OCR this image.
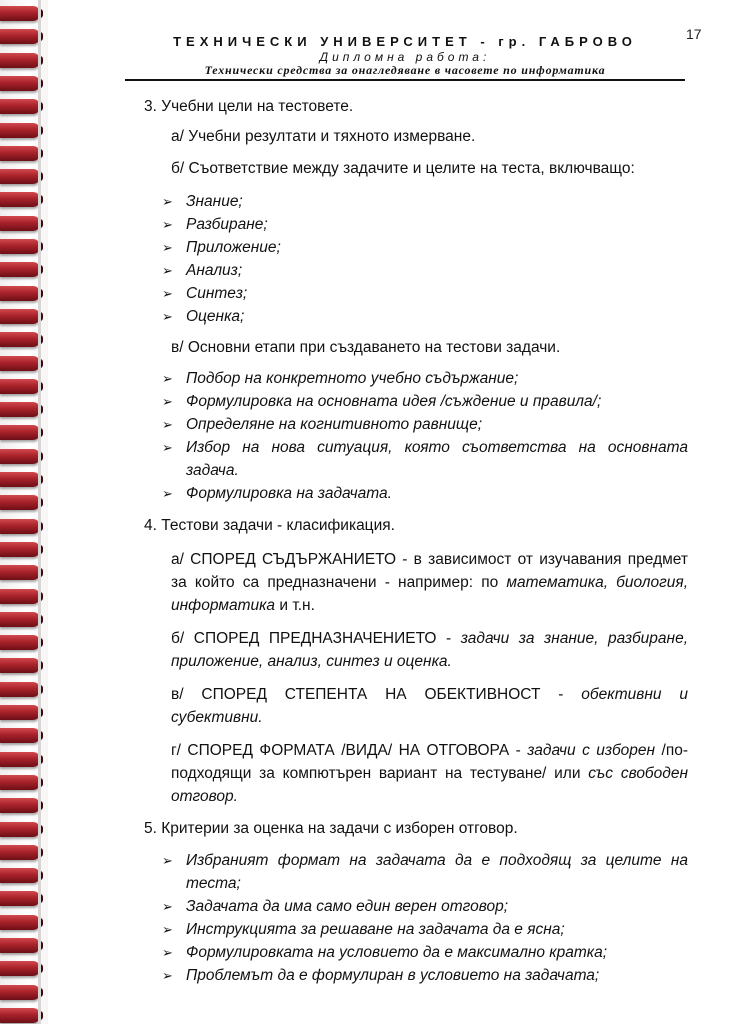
17
ТЕХНИЧЕСКИ УНИВЕРСИТЕТ - гр. ГАБРОВО
Дипломна работа:
Технически средства за онагледяване в часовете по информатика

3. Учебни цели на тестовете.

а/ Учебни резултати и тяхното измерване.

б/ Съответствие между задачите и целите на теста, включващо:

➢ Знание;
➢ Разбиране;
➢ Приложение;
➢ Анализ;
➢ Синтез;
➢ Оценка;

в/ Основни етапи при създаването на тестови задачи.

➢ Подбор на конкретното учебно съдържание;
➢ Формулировка на основната идея /съждение и правила/;
➢ Определяне на когнитивното равнище;
➢ Избор на нова ситуация, която съответства на основната задача.
➢ Формулировка на задачата.

4. Тестови задачи - класификация.

а/ СПОРЕД СЪДЪРЖАНИЕТО - в зависимост от изучавания предмет за който са предназначени - например: по математика, биология, информатика и т.н.

б/ СПОРЕД ПРЕДНАЗНАЧЕНИЕТО - задачи за знание, разбиране, приложение, анализ, синтез и оценка.

в/ СПОРЕД СТЕПЕНТА НА ОБЕКТИВНОСТ - обективни и субективни.

г/ СПОРЕД ФОРМАТА /ВИДА/ НА ОТГОВОРА - задачи с изборен /по-подходящи за компютърен вариант на тестуване/ или със свободен отговор.

5. Критерии за оценка на задачи с изборен отговор.

➢ Избраният формат на задачата да е подходящ за целите на теста;
➢ Задачата да има само един верен отговор;
➢ Инструкцията за решаване на задачата да е ясна;
➢ Формулировката на условието да е максимално кратка;
➢ Проблемът да е формулиран в условието на задачата;
